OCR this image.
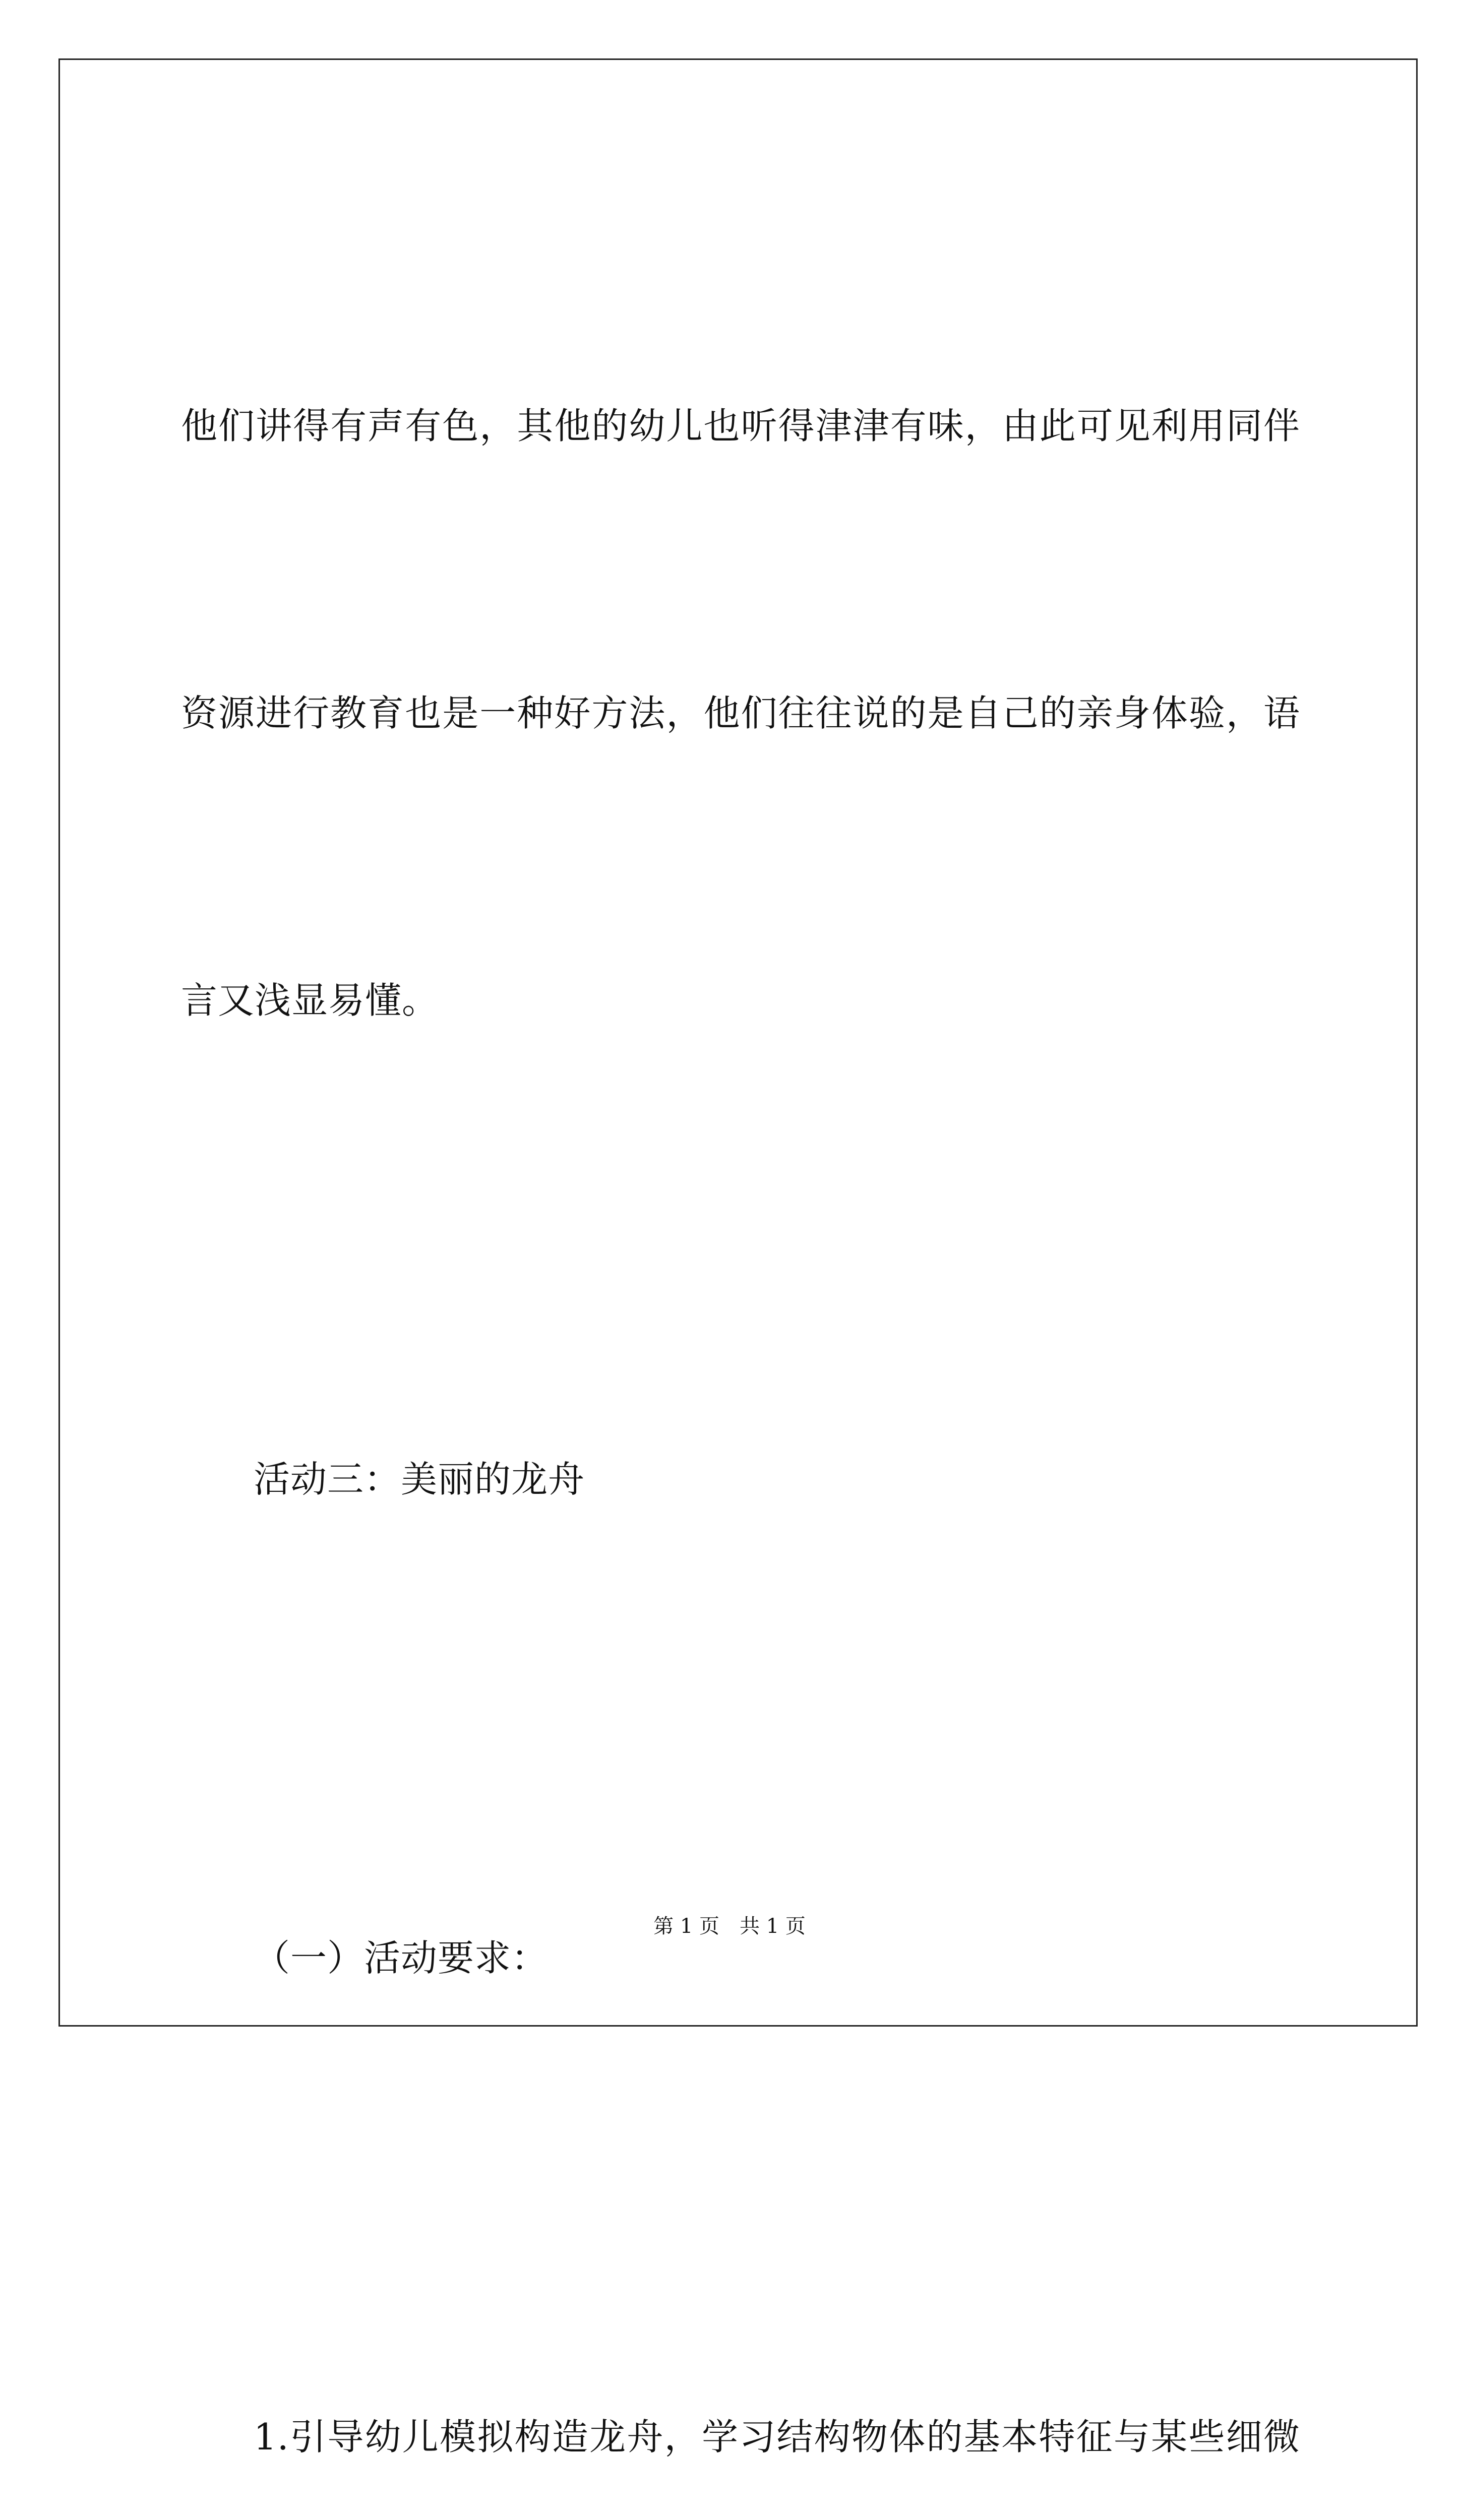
他们讲得有声有色，其他的幼儿也听得津津有味，由此可见利用同伴

资源进行教育也是一种好方法，他们往往说的是自己的亲身体验，语

言又浅显易懂。

活动三：美丽的龙舟

（一）活动要求：

1.引导幼儿模拟构造龙舟，学习结构物体的基本特征与某些细微

第 1 页　共 1 页
